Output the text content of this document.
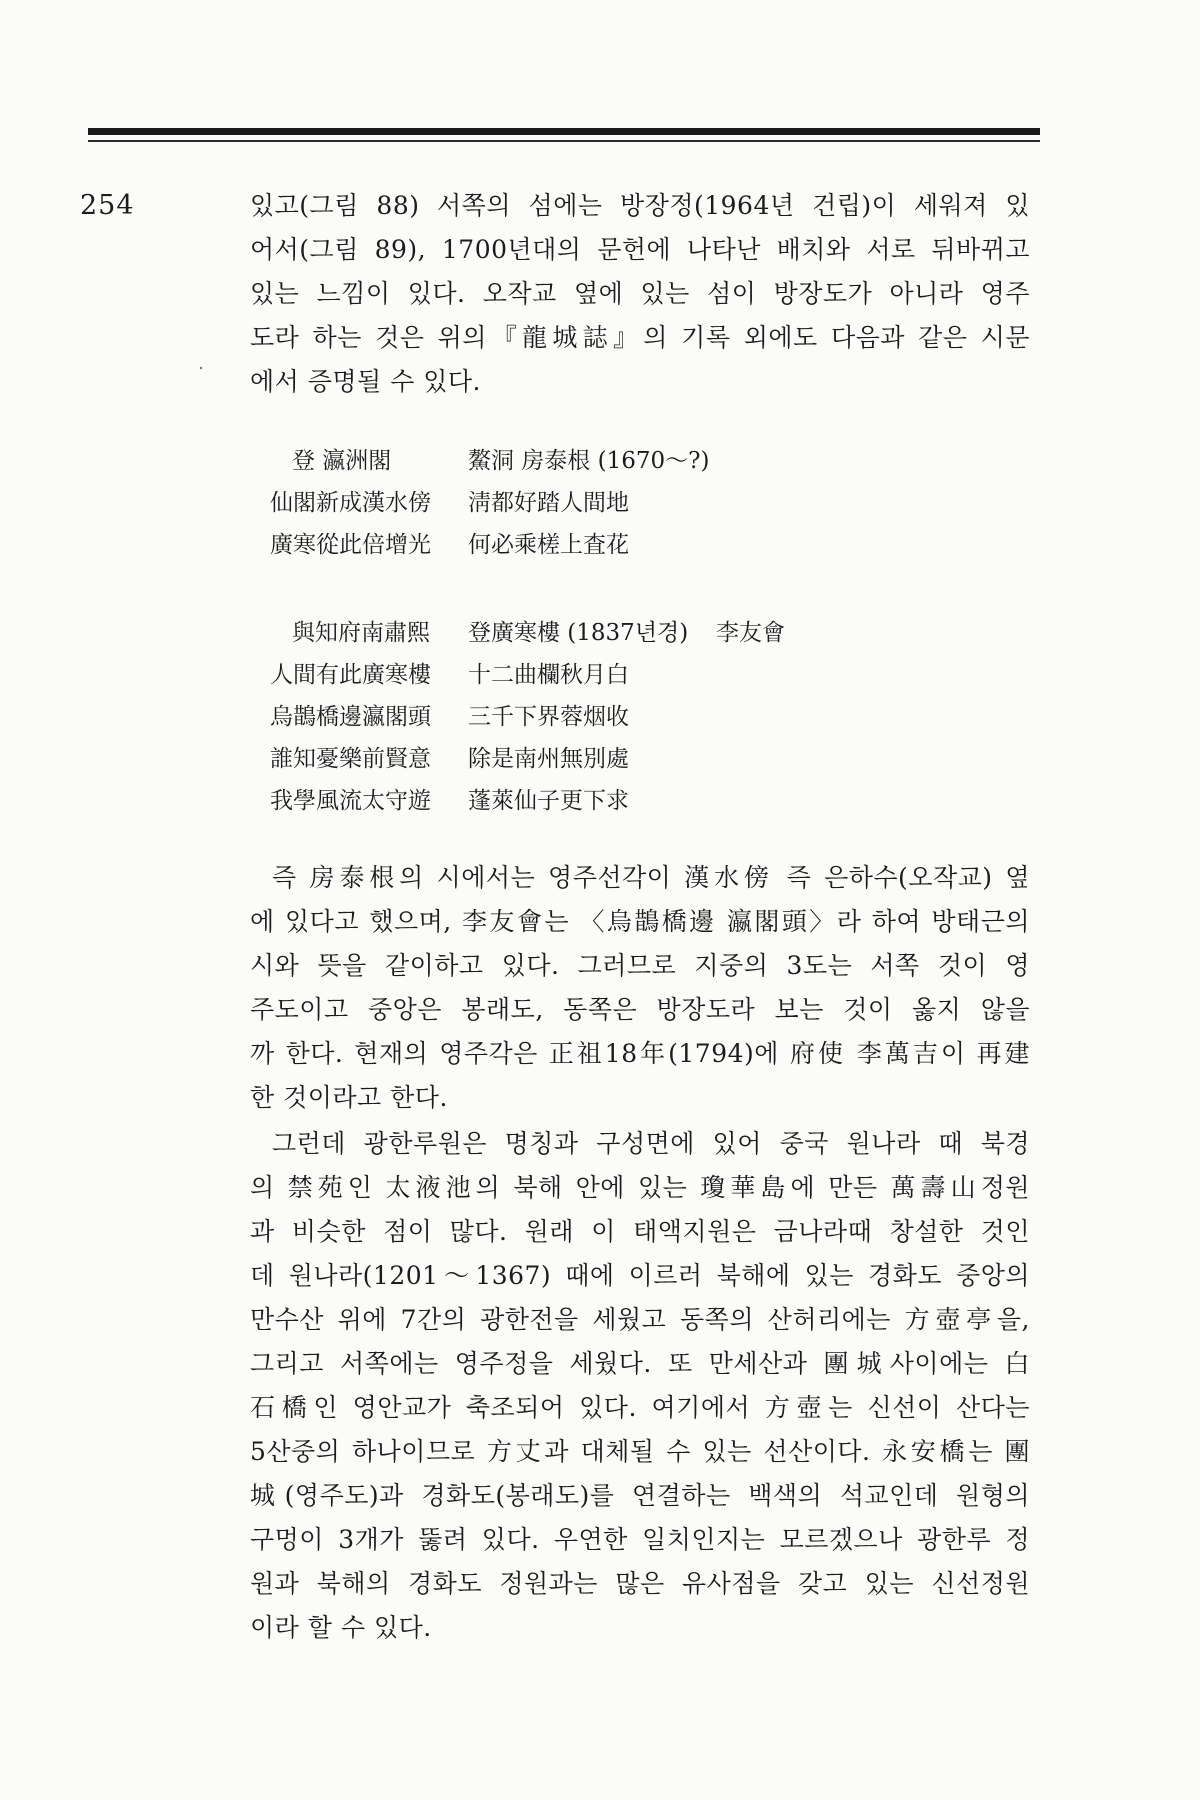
254	있고(그림 88) 서쪽의 섬에는 방장정(1964년 건립)이 세워져 있
어서(그림 89), 1700년대의 문헌에 나타난 배치와 서로 뒤바뀌고
있는 느낌이 있다. 오작교 옆에 있는 섬이 방장도가 아니라 영주
도라 하는 것은 위의『龍城誌』의 기록 외에도 다음과 같은 시문
에서 증명될 수 있다.
登 瀛洲閣	鰲洞 房泰根 (1670～?)
仙閣新成漢水傍	淸都好踏人間地
廣寒從此倍增光	何必乘槎上査花
與知府南肅熙	登廣寒樓 (1837년경)	李友會
人間有此廣寒樓	十二曲欄秋月白
烏鵲橋邊瀛閣頭	三千下界蓉烟收
誰知憂樂前賢意	除是南州無別處
我學風流太守遊	蓬萊仙子更下求
즉 房泰根의 시에서는 영주선각이 漢水傍 즉 은하수(오작교) 옆
에 있다고 했으며, 李友會는 〈烏鵲橋邊 瀛閣頭〉라 하여 방태근의
시와 뜻을 같이하고 있다. 그러므로 지중의 3도는 서쪽 것이 영
주도이고 중앙은 봉래도, 동쪽은 방장도라 보는 것이 옳지 않을
까 한다. 현재의 영주각은 正祖18年(1794)에 府使 李萬吉이 再建
한 것이라고 한다.
그런데 광한루원은 명칭과 구성면에 있어 중국 원나라 때 북경
의 禁苑인 太液池의 북해 안에 있는 瓊華島에 만든 萬壽山정원
과 비슷한 점이 많다. 원래 이 태액지원은 금나라때 창설한 것인
데 원나라(1201～1367) 때에 이르러 북해에 있는 경화도 중앙의
만수산 위에 7간의 광한전을 세웠고 동쪽의 산허리에는 方壺亭을,
그리고 서쪽에는 영주정을 세웠다. 또 만세산과 團城사이에는 白
石橋인 영안교가 축조되어 있다. 여기에서 方壺는 신선이 산다는
5산중의 하나이므로 方丈과 대체될 수 있는 선산이다. 永安橋는 團
城(영주도)과 경화도(봉래도)를 연결하는 백색의 석교인데 원형의
구멍이 3개가 뚫려 있다. 우연한 일치인지는 모르겠으나 광한루 정
원과 북해의 경화도 정원과는 많은 유사점을 갖고 있는 신선정원
이라 할 수 있다.
